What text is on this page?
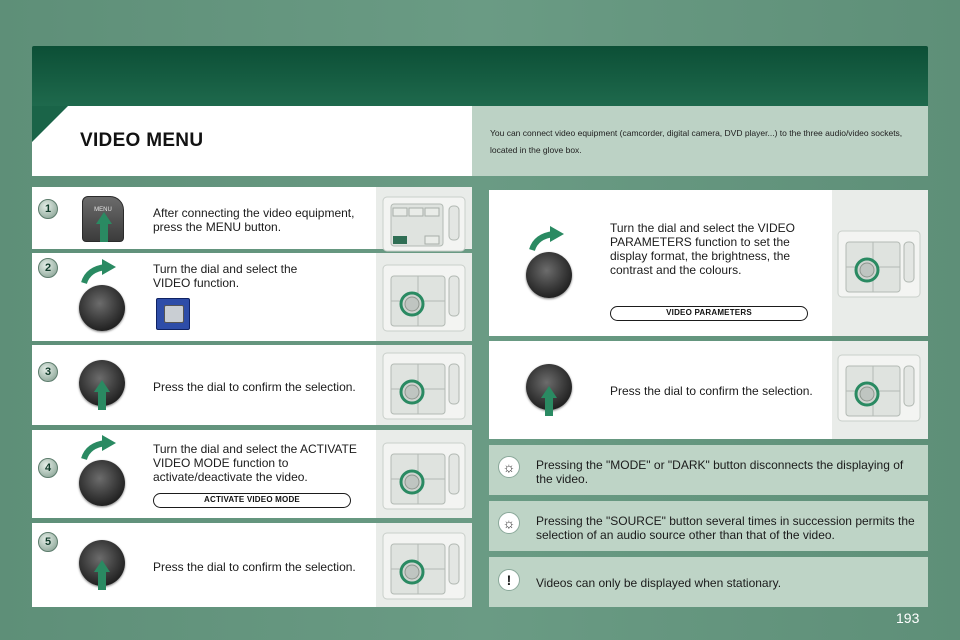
VIDEO MENU	You can connect video equipment (camcorder, digital camera, DVD player...) to the three audio/video sockets, located in the glove box.
1	MENU	After connecting the video equipment, press the MENU button.
2	Turn the dial and select the VIDEO function.
3
Press the dial to confirm the selection.
4
Turn the dial and select the ACTIVATE VIDEO MODE function to activate/deactivate the video.
ACTIVATE VIDEO MODE
5
Press the dial to confirm the selection.
Turn the dial and select the VIDEO PARAMETERS function to set the display format, the brightness, the contrast and the colours.
VIDEO PARAMETERS
Press the dial to confirm the selection.
☼	Pressing the "MODE" or "DARK" button disconnects the displaying of the video.
☼	Pressing the "SOURCE" button several times in succession permits the selection of an audio source other than that of the video.
!	Videos can only be displayed when stationary.
193
